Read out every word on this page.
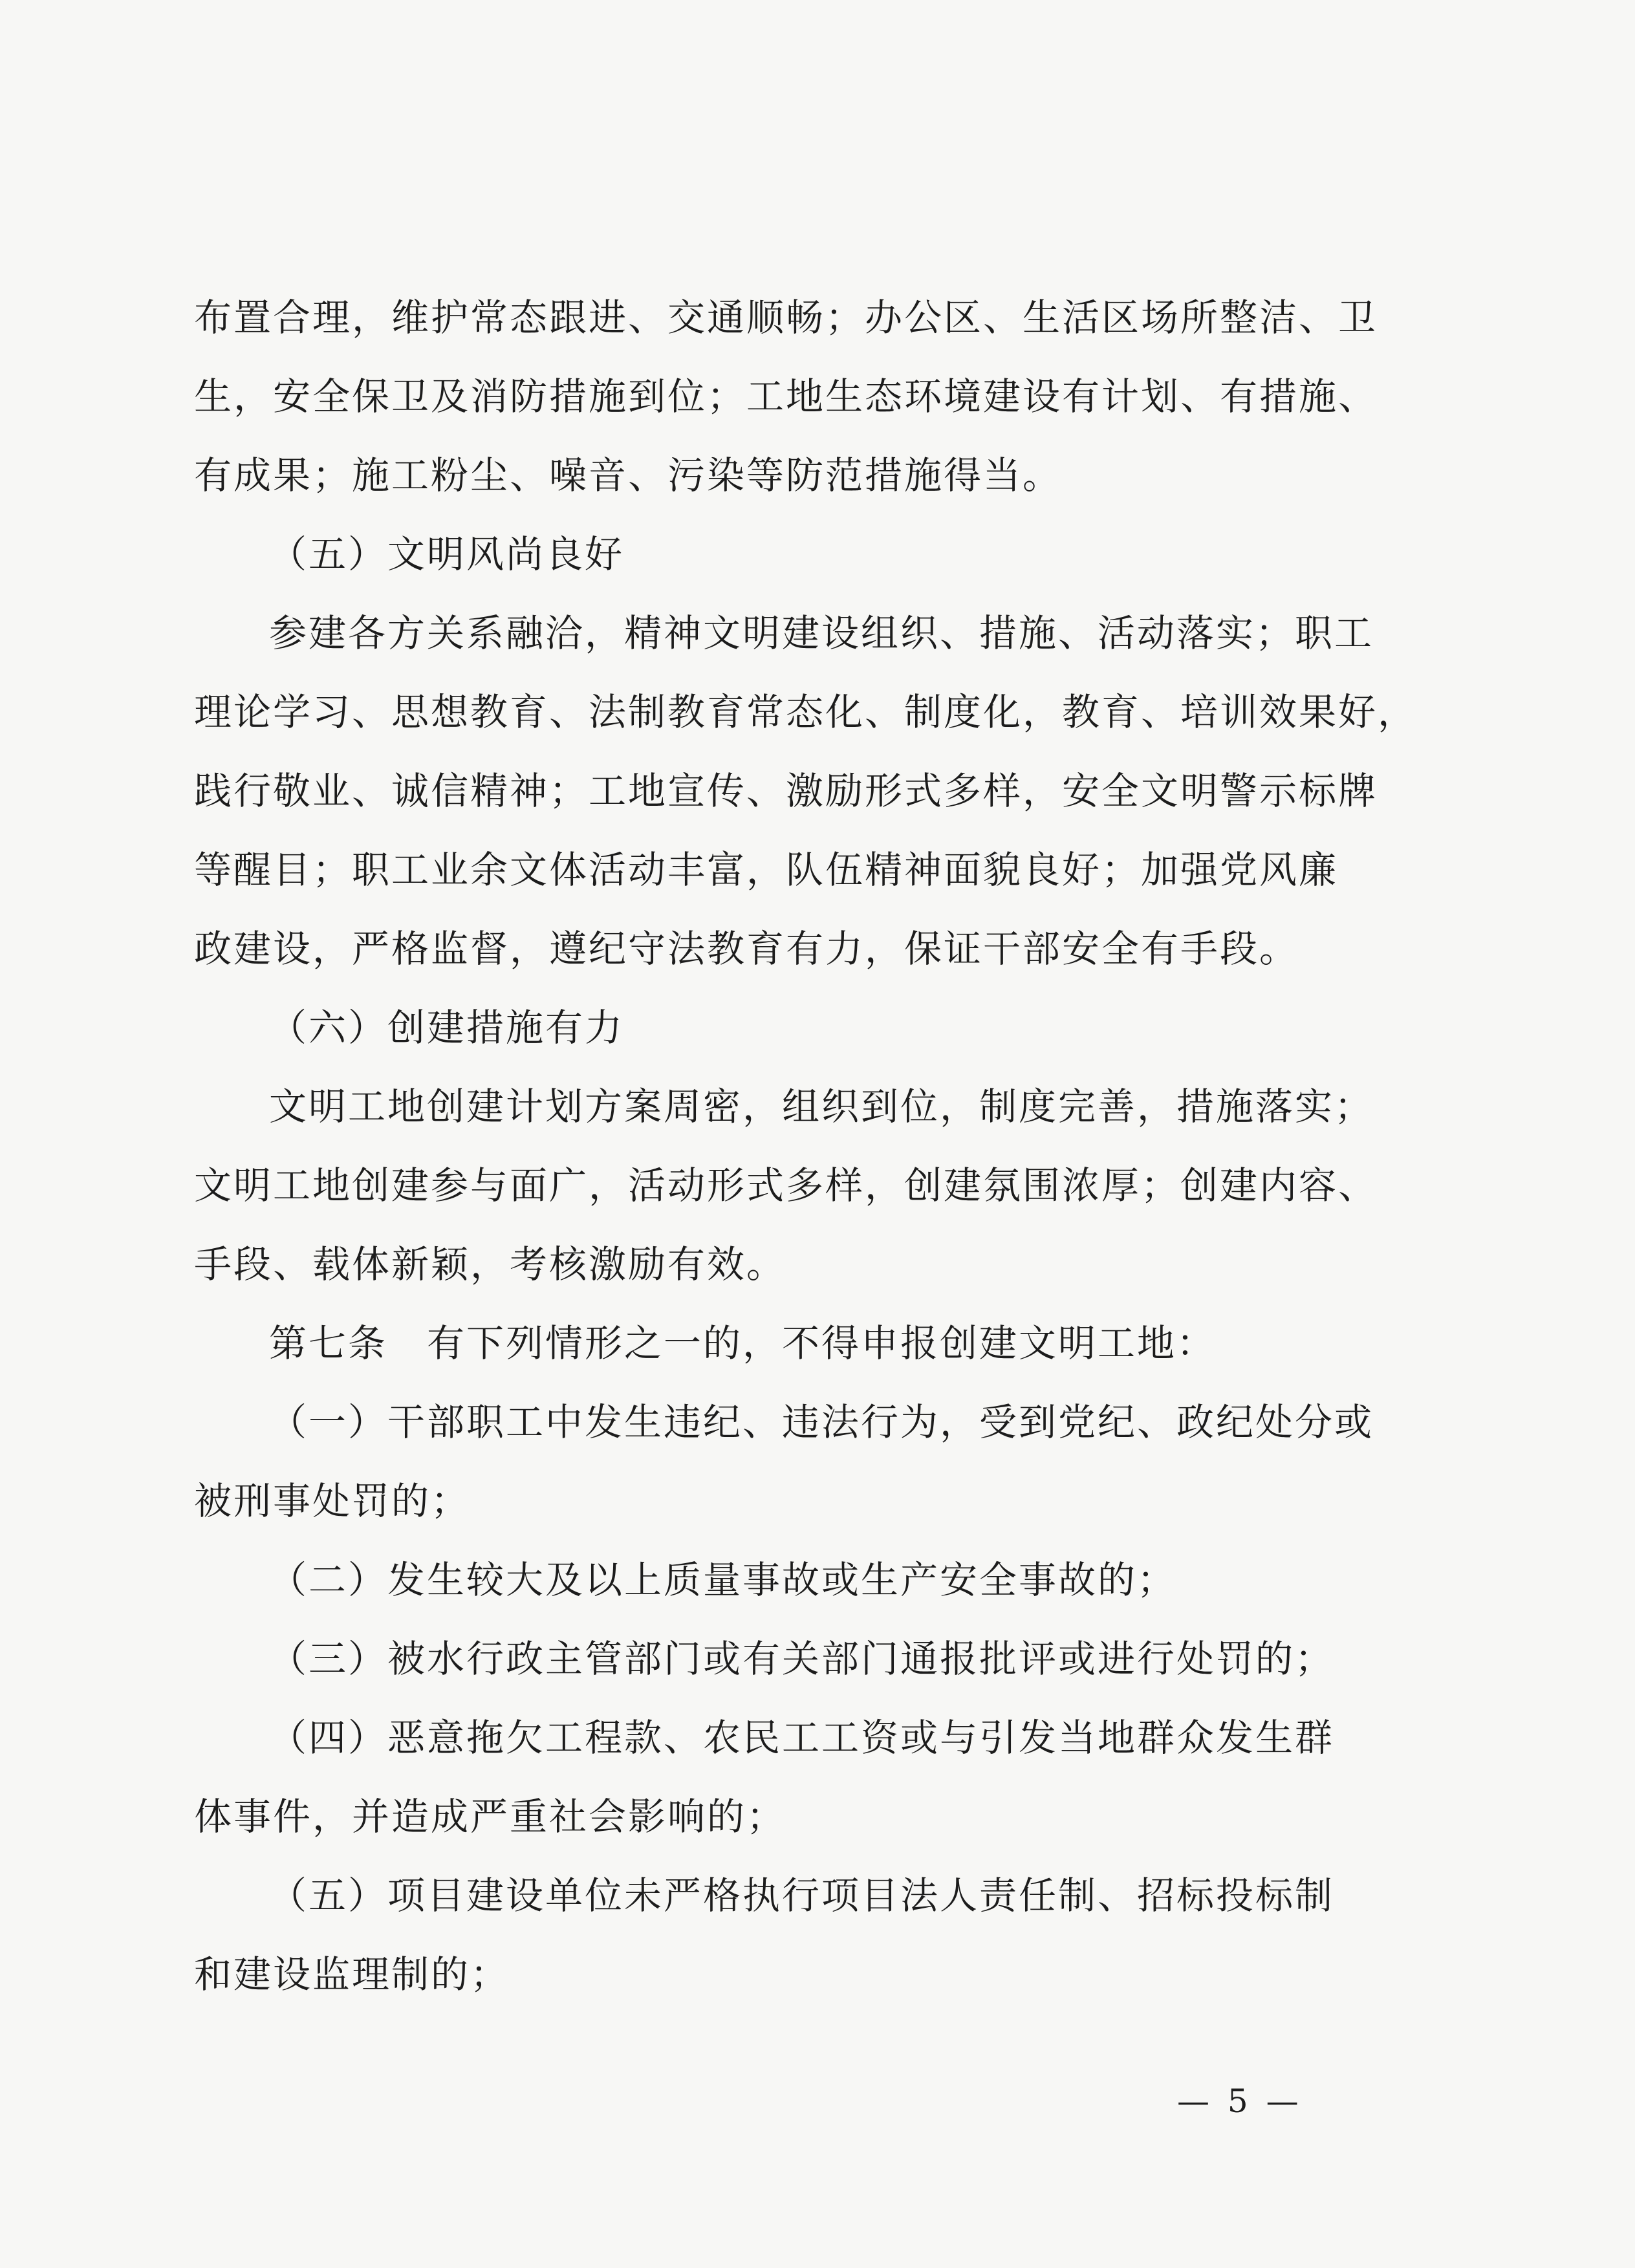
布置合理，维护常态跟进、交通顺畅；办公区、生活区场所整洁、卫
生，安全保卫及消防措施到位；工地生态环境建设有计划、有措施、
有成果；施工粉尘、噪音、污染等防范措施得当。
（五）文明风尚良好
参建各方关系融洽，精神文明建设组织、措施、活动落实；职工
理论学习、思想教育、法制教育常态化、制度化，教育、培训效果好，
践行敬业、诚信精神；工地宣传、激励形式多样，安全文明警示标牌
等醒目；职工业余文体活动丰富，队伍精神面貌良好；加强党风廉
政建设，严格监督，遵纪守法教育有力，保证干部安全有手段。
（六）创建措施有力
文明工地创建计划方案周密，组织到位，制度完善，措施落实；
文明工地创建参与面广，活动形式多样，创建氛围浓厚；创建内容、
手段、载体新颖，考核激励有效。
第七条　有下列情形之一的，不得申报创建文明工地：
（一）干部职工中发生违纪、违法行为，受到党纪、政纪处分或
被刑事处罚的；
（二）发生较大及以上质量事故或生产安全事故的；
（三）被水行政主管部门或有关部门通报批评或进行处罚的；
（四）恶意拖欠工程款、农民工工资或与引发当地群众发生群
体事件，并造成严重社会影响的；
（五）项目建设单位未严格执行项目法人责任制、招标投标制
和建设监理制的；
— 5 —
